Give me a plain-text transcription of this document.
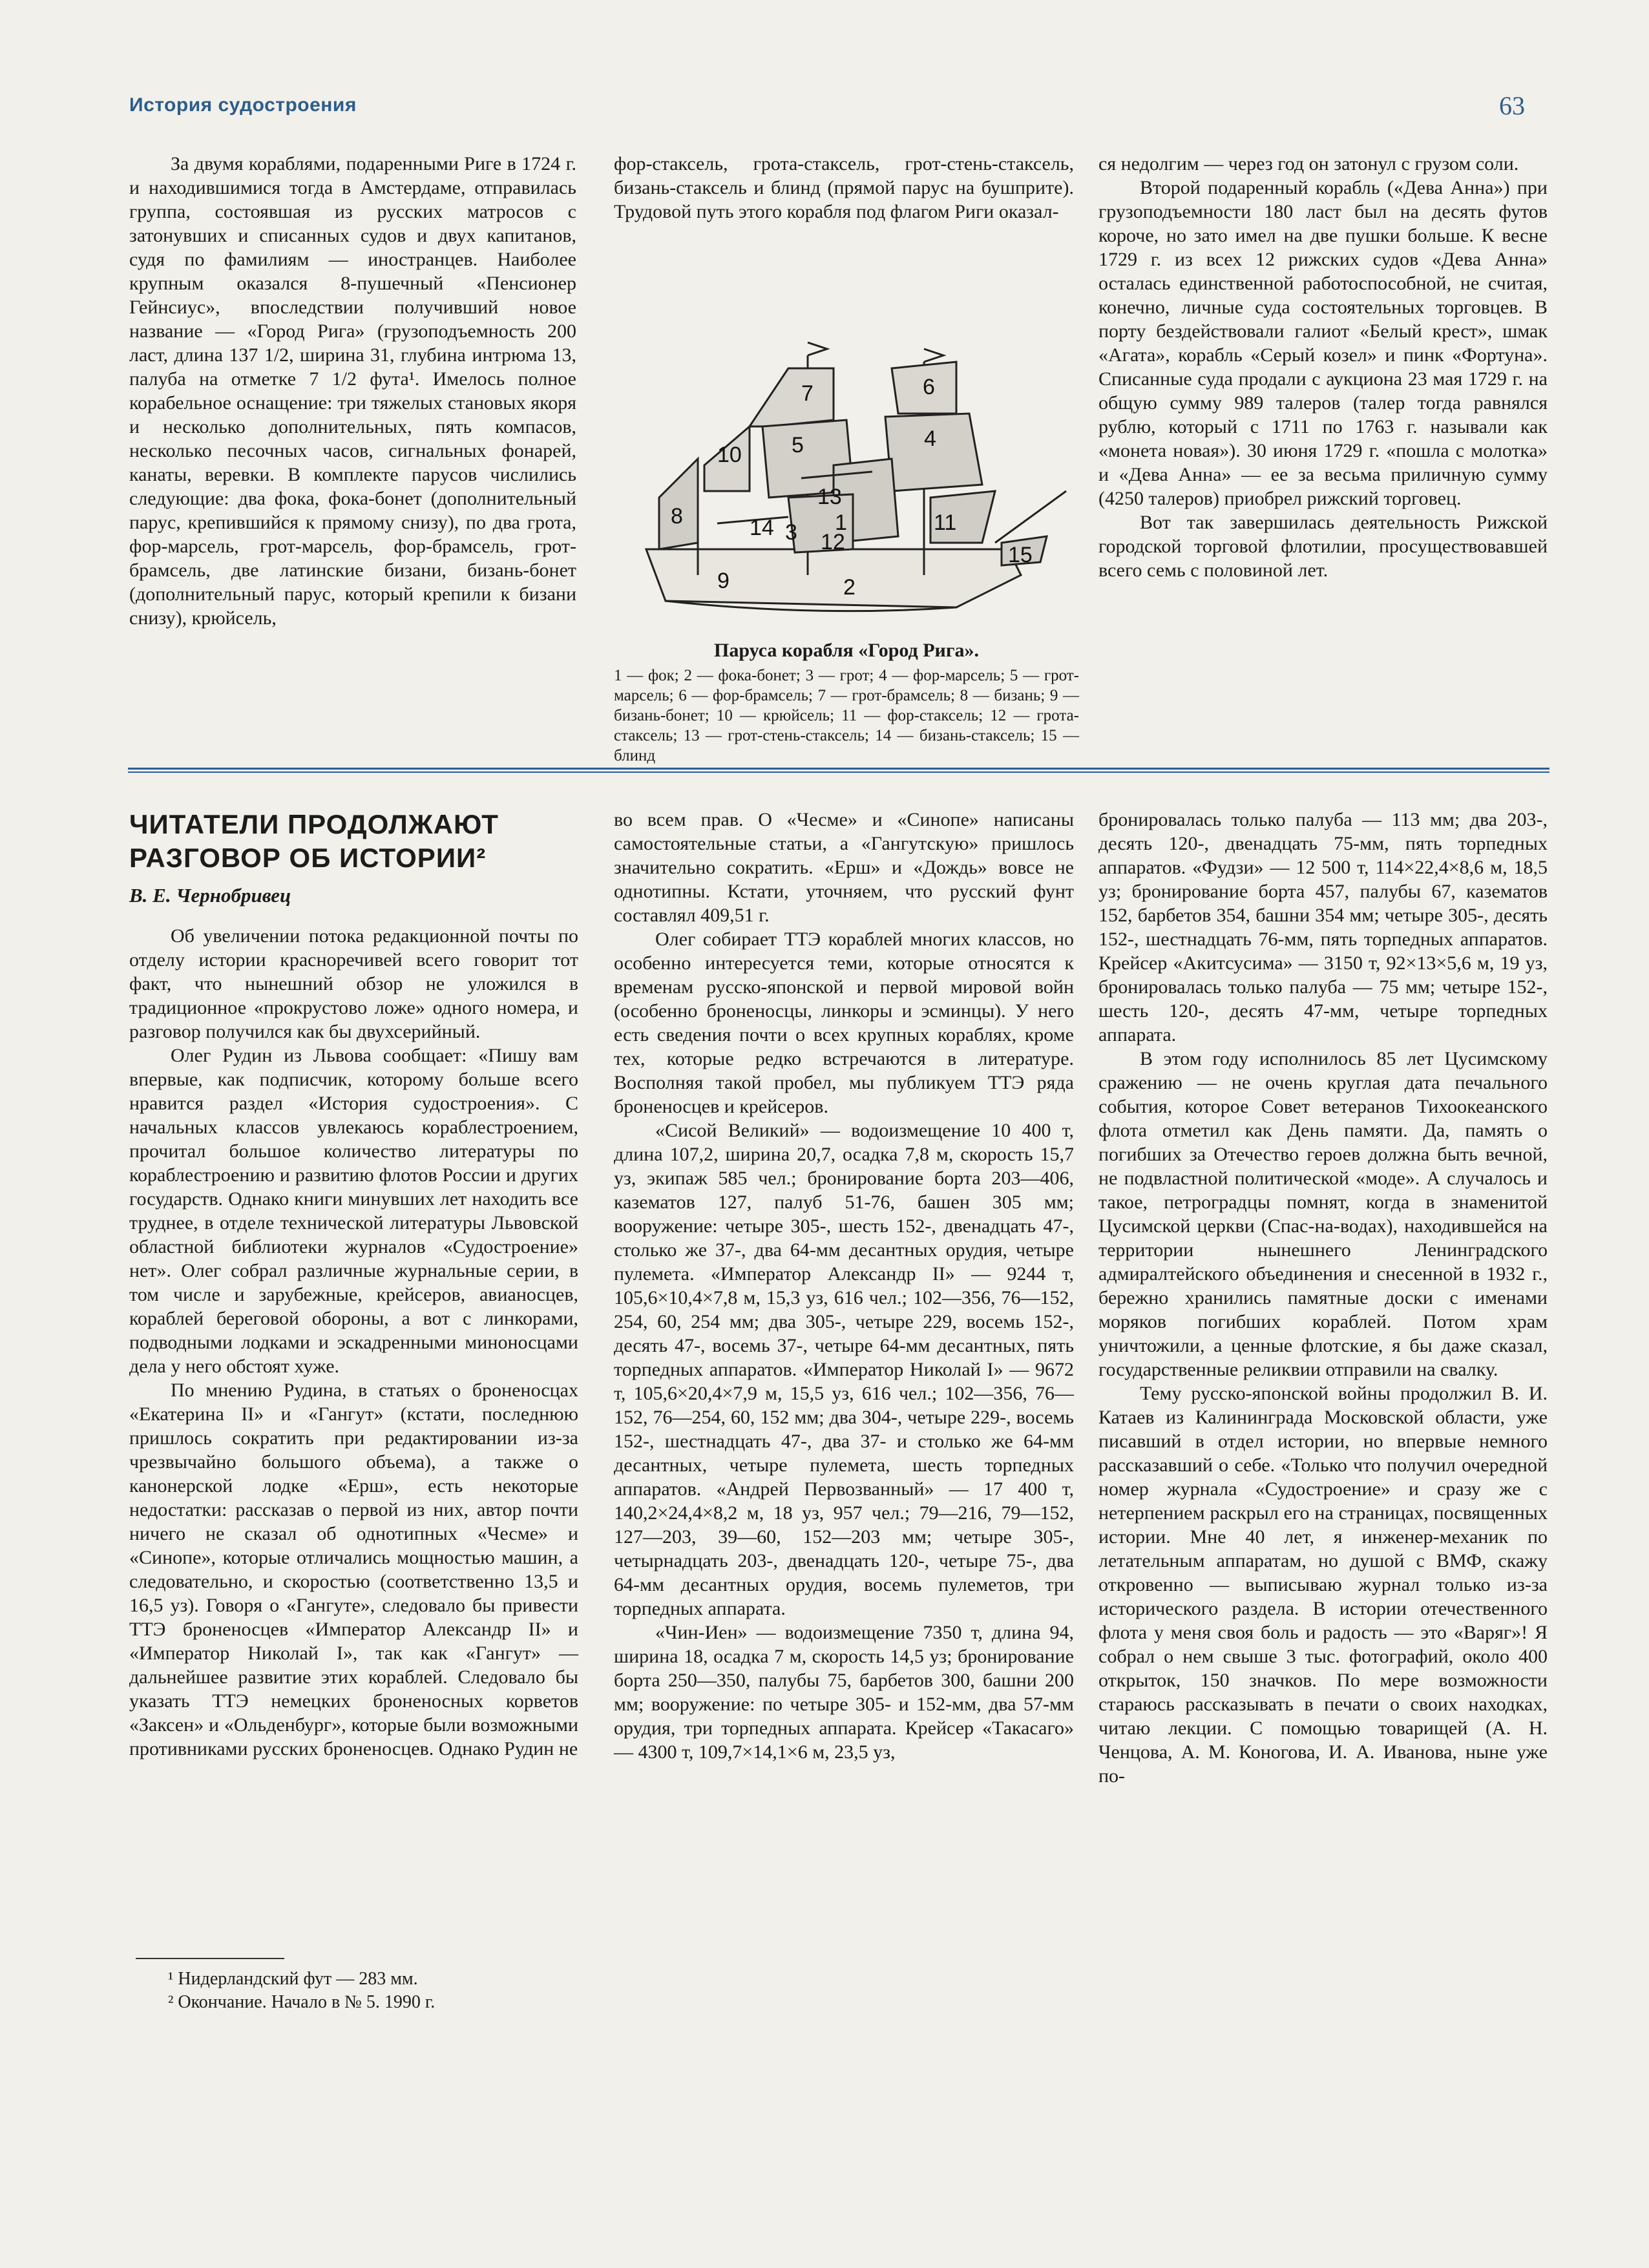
История судостроения	63

За двумя кораблями, подаренными Риге в 1724 г. и находившимися тогда в Амстердаме, отправилась группа, состоявшая из русских матросов с затонувших и списанных судов и двух капитанов, судя по фамилиям — иностранцев. Наиболее крупным оказался 8-пушечный «Пенсионер Гейнсиус», впоследствии получивший новое название — «Город Рига» (грузоподъемность 200 ласт, длина 137 1/2, ширина 31, глубина интрюма 13, палуба на отметке 7 1/2 фута¹. Имелось полное корабельное оснащение: три тяжелых становых якоря и несколько дополнительных, пять компасов, несколько песочных часов, сигнальных фонарей, канаты, веревки. В комплекте парусов числились следующие: два фока, фока-бонет (дополнительный парус, крепившийся к прямому снизу), по два грота, фор-марсель, грот-марсель, фор-брамсель, грот-брамсель, две латинские бизани, бизань-бонет (дополнительный парус, который крепили к бизани снизу), крюйсель,

фор-стаксель, грота-стаксель, грот-стень-стаксель, бизань-стаксель и блинд (прямой парус на бушприте). Трудовой путь этого корабля под флагом Риги оказал-

1
2
3
4
5
6
7
8
9
10
11
12
13
14
15
Паруса корабля «Город Рига».
1 — фок; 2 — фока-бонет; 3 — грот; 4 — фор-марсель; 5 — грот-марсель; 6 — фор-брамсель; 7 — грот-брамсель; 8 — бизань; 9 — бизань-бонет; 10 — крюйсель; 11 — фор-стаксель; 12 — грота-стаксель; 13 — грот-стень-стаксель; 14 — бизань-стаксель; 15 — блинд

ся недолгим — через год он затонул с грузом соли.

Второй подаренный корабль («Дева Анна») при грузоподъемности 180 ласт был на десять футов короче, но зато имел на две пушки больше. К весне 1729 г. из всех 12 рижских судов «Дева Анна» осталась единственной работоспособной, не считая, конечно, личные суда состоятельных торговцев. В порту бездействовали галиот «Белый крест», шмак «Агата», корабль «Серый козел» и пинк «Фортуна». Списанные суда продали с аукциона 23 мая 1729 г. на общую сумму 989 талеров (талер тогда равнялся рублю, который с 1711 по 1763 г. называли как «монета новая»). 30 июня 1729 г. «пошла с молотка» и «Дева Анна» — ее за весьма приличную сумму (4250 талеров) приобрел рижский торговец.

Вот так завершилась деятельность Рижской городской торговой флотилии, просуществовавшей всего семь с половиной лет.

ЧИТАТЕЛИ ПРОДОЛЖАЮТ РАЗГОВОР ОБ ИСТОРИИ²
В. Е. Чернобривец

Об увеличении потока редакционной почты по отделу истории красноречивей всего говорит тот факт, что нынешний обзор не уложился в традиционное «прокрустово ложе» одного номера, и разговор получился как бы двухсерийный.

Олег Рудин из Львова сообщает: «Пишу вам впервые, как подписчик, которому больше всего нравится раздел «История судостроения». С начальных классов увлекаюсь кораблестроением, прочитал большое количество литературы по кораблестроению и развитию флотов России и других государств. Однако книги минувших лет находить все труднее, в отделе технической литературы Львовской областной библиотеки журналов «Судостроение» нет». Олег собрал различные журнальные серии, в том числе и зарубежные, крейсеров, авианосцев, кораблей береговой обороны, а вот с линкорами, подводными лодками и эскадренными миноносцами дела у него обстоят хуже.

По мнению Рудина, в статьях о броненосцах «Екатерина II» и «Гангут» (кстати, последнюю пришлось сократить при редактировании из-за чрезвычайно большого объема), а также о канонерской лодке «Ерш», есть некоторые недостатки: рассказав о первой из них, автор почти ничего не сказал об однотипных «Чесме» и «Синопе», которые отличались мощностью машин, а следовательно, и скоростью (соответственно 13,5 и 16,5 уз). Говоря о «Гангуте», следовало бы привести ТТЭ броненосцев «Император Александр II» и «Император Николай I», так как «Гангут» — дальнейшее развитие этих кораблей. Следовало бы указать ТТЭ немецких броненосных корветов «Заксен» и «Ольденбург», которые были возможными противниками русских броненосцев. Однако Рудин не

во всем прав. О «Чесме» и «Синопе» написаны самостоятельные статьи, а «Гангутскую» пришлось значительно сократить. «Ерш» и «Дождь» вовсе не однотипны. Кстати, уточняем, что русский фунт составлял 409,51 г.

Олег собирает ТТЭ кораблей многих классов, но особенно интересуется теми, которые относятся к временам русско-японской и первой мировой войн (особенно броненосцы, линкоры и эсминцы). У него есть сведения почти о всех крупных кораблях, кроме тех, которые редко встречаются в литературе. Восполняя такой пробел, мы публикуем ТТЭ ряда броненосцев и крейсеров.

«Сисой Великий» — водоизмещение 10 400 т, длина 107,2, ширина 20,7, осадка 7,8 м, скорость 15,7 уз, экипаж 585 чел.; бронирование борта 203—406, казематов 127, палуб 51-76, башен 305 мм; вооружение: четыре 305-, шесть 152-, двенадцать 47-, столько же 37-, два 64-мм десантных орудия, четыре пулемета. «Император Александр II» — 9244 т, 105,6×10,4×7,8 м, 15,3 уз, 616 чел.; 102—356, 76—152, 254, 60, 254 мм; два 305-, четыре 229, восемь 152-, десять 47-, восемь 37-, четыре 64-мм десантных, пять торпедных аппаратов. «Император Николай I» — 9672 т, 105,6×20,4×7,9 м, 15,5 уз, 616 чел.; 102—356, 76—152, 76—254, 60, 152 мм; два 304-, четыре 229-, восемь 152-, шестнадцать 47-, два 37- и столько же 64-мм десантных, четыре пулемета, шесть торпедных аппаратов. «Андрей Первозванный» — 17 400 т, 140,2×24,4×8,2 м, 18 уз, 957 чел.; 79—216, 79—152, 127—203, 39—60, 152—203 мм; четыре 305-, четырнадцать 203-, двенадцать 120-, четыре 75-, два 64-мм десантных орудия, восемь пулеметов, три торпедных аппарата.

«Чин-Иен» — водоизмещение 7350 т, длина 94, ширина 18, осадка 7 м, скорость 14,5 уз; бронирование борта 250—350, палубы 75, барбетов 300, башни 200 мм; вооружение: по четыре 305- и 152-мм, два 57-мм орудия, три торпедных аппарата. Крейсер «Такасаго» — 4300 т, 109,7×14,1×6 м, 23,5 уз,

бронировалась только палуба — 113 мм; два 203-, десять 120-, двенадцать 75-мм, пять торпедных аппаратов. «Фудзи» — 12 500 т, 114×22,4×8,6 м, 18,5 уз; бронирование борта 457, палубы 67, казематов 152, барбетов 354, башни 354 мм; четыре 305-, десять 152-, шестнадцать 76-мм, пять торпедных аппаратов. Крейсер «Акитсусима» — 3150 т, 92×13×5,6 м, 19 уз, бронировалась только палуба — 75 мм; четыре 152-, шесть 120-, десять 47-мм, четыре торпедных аппарата.

В этом году исполнилось 85 лет Цусимскому сражению — не очень круглая дата печального события, которое Совет ветеранов Тихоокеанского флота отметил как День памяти. Да, память о погибших за Отечество героев должна быть вечной, не подвластной политической «моде». А случалось и такое, петроградцы помнят, когда в знаменитой Цусимской церкви (Спас-на-водах), находившейся на территории нынешнего Ленинградского адмиралтейского объединения и снесенной в 1932 г., бережно хранились памятные доски с именами моряков погибших кораблей. Потом храм уничтожили, а ценные флотские, я бы даже сказал, государственные реликвии отправили на свалку.

Тему русско-японской войны продолжил В. И. Катаев из Калининграда Московской области, уже писавший в отдел истории, но впервые немного рассказавший о себе. «Только что получил очередной номер журнала «Судостроение» и сразу же с нетерпением раскрыл его на страницах, посвященных истории. Мне 40 лет, я инженер-механик по летательным аппаратам, но душой с ВМФ, скажу откровенно — выписываю журнал только из-за исторического раздела. В истории отечественного флота у меня своя боль и радость — это «Варяг»! Я собрал о нем свыше 3 тыс. фотографий, около 400 открыток, 150 значков. По мере возможности стараюсь рассказывать в печати о своих находках, читаю лекции. С помощью товарищей (А. Н. Ченцова, А. М. Коногова, И. А. Иванова, ныне уже по-

¹ Нидерландский фут — 283 мм.
² Окончание. Начало в № 5. 1990 г.
